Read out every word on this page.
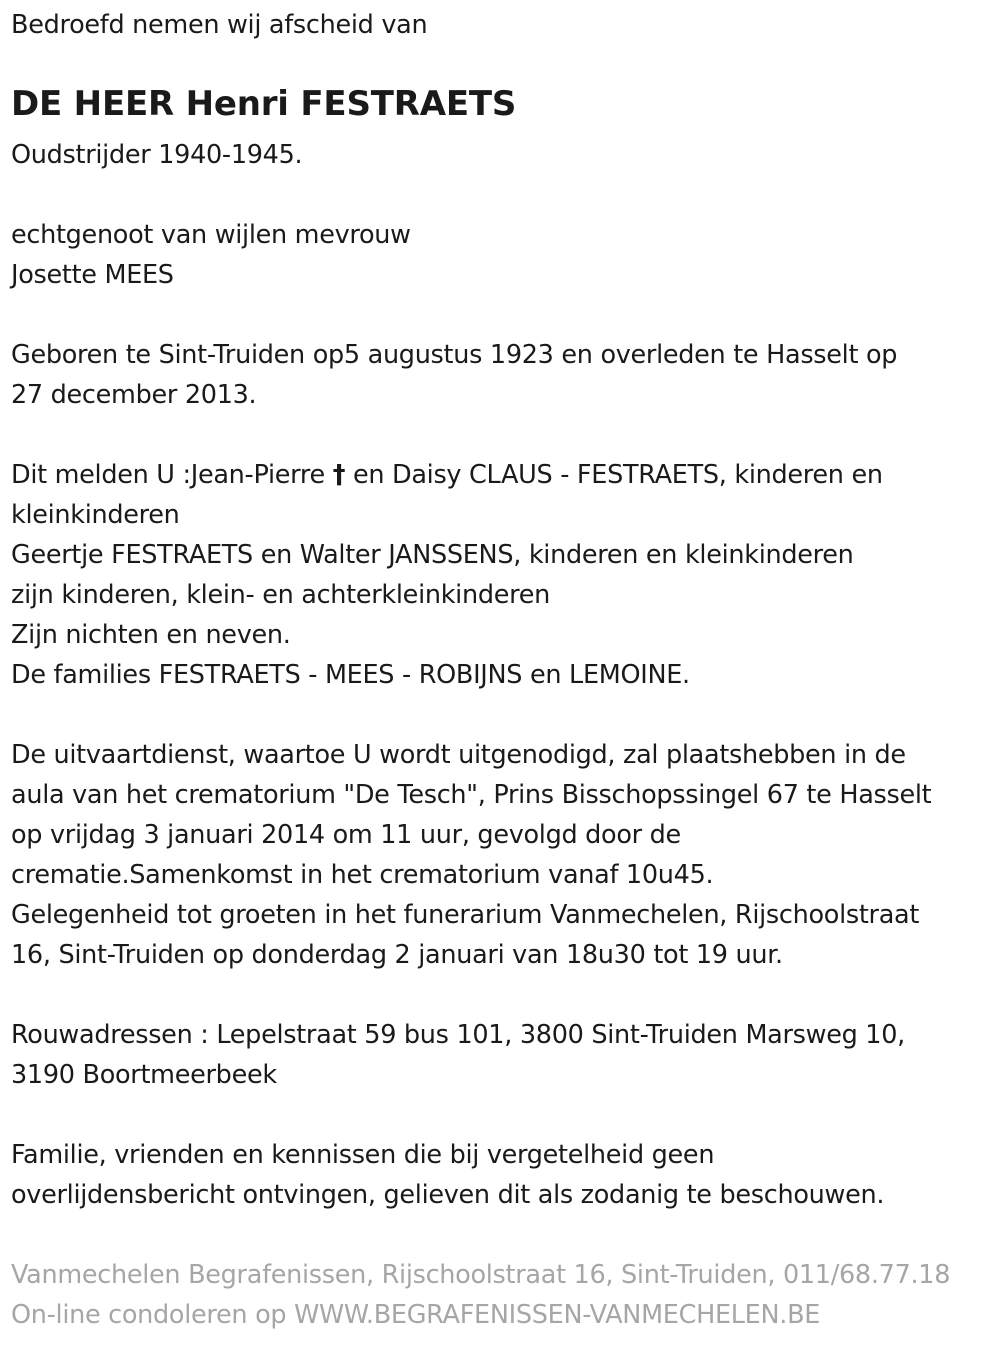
Bedroefd nemen wij afscheid van
DE HEER Henri FESTRAETS
Oudstrijder 1940-1945.
echtgenoot van wijlen mevrouw
Josette MEES
Geboren te Sint-Truiden op5 augustus 1923 en overleden te Hasselt op
27 december 2013.
Dit melden U :Jean-Pierre † en Daisy CLAUS - FESTRAETS, kinderen en
kleinkinderen
Geertje FESTRAETS en Walter JANSSENS, kinderen en kleinkinderen
zijn kinderen, klein- en achterkleinkinderen
Zijn nichten en neven.
De families FESTRAETS - MEES - ROBIJNS en LEMOINE.
De uitvaartdienst, waartoe U wordt uitgenodigd, zal plaatshebben in de
aula van het crematorium "De Tesch", Prins Bisschopssingel 67 te Hasselt
op vrijdag 3 januari 2014 om 11 uur, gevolgd door de
crematie.Samenkomst in het crematorium vanaf 10u45.
Gelegenheid tot groeten in het funerarium Vanmechelen, Rijschoolstraat
16, Sint-Truiden op donderdag 2 januari van 18u30 tot 19 uur.
Rouwadressen : Lepelstraat 59 bus 101, 3800 Sint-Truiden Marsweg 10,
3190 Boortmeerbeek
Familie, vrienden en kennissen die bij vergetelheid geen
overlijdensbericht ontvingen, gelieven dit als zodanig te beschouwen.
Vanmechelen Begrafenissen, Rijschoolstraat 16, Sint-Truiden, 011/68.77.18
On-line condoleren op WWW.BEGRAFENISSEN-VANMECHELEN.BE
